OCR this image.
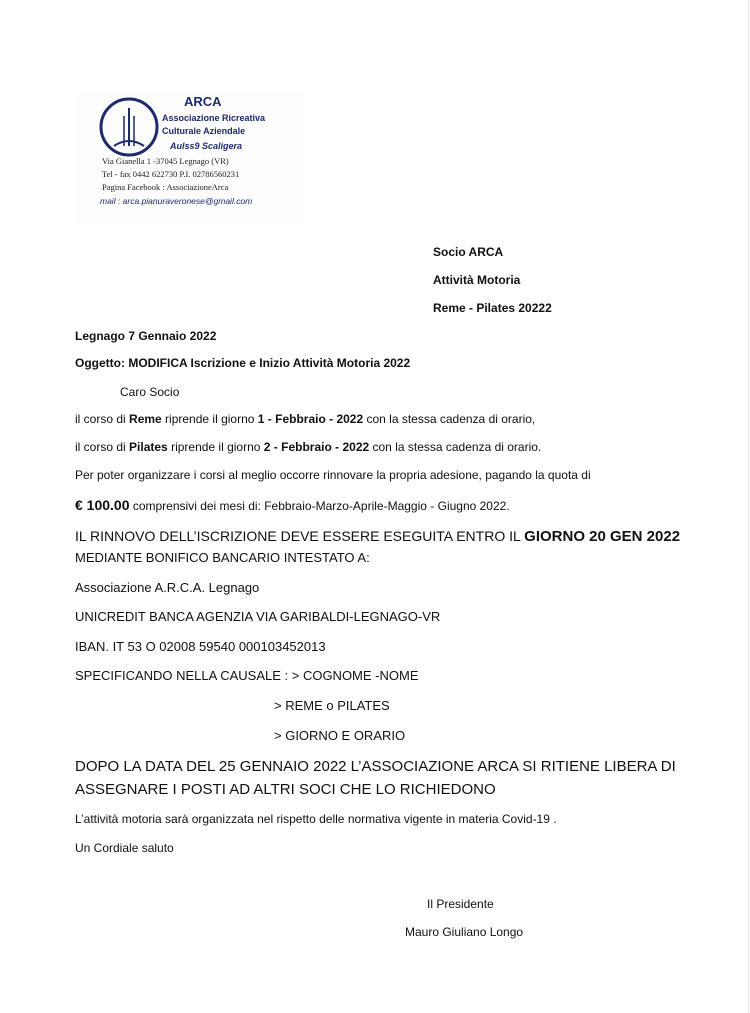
ARCA
Associazione Ricreativa
Culturale Aziendale
Aulss9 Scaligera
Via Gianella 1 -37045 Legnago (VR)
Tel - fax 0442 622730 P.I. 02786560231
Pagina Facebook : AssociazioneArca
mail : arca.pianuraveronese@gmail.com
Socio ARCA
Attività Motoria
Reme - Pilates 20222
Legnago 7 Gennaio 2022
Oggetto: MODIFICA Iscrizione e Inizio Attività Motoria 2022
Caro Socio
il corso di Reme riprende il giorno 1 - Febbraio - 2022 con la stessa cadenza di orario,
il corso di Pilates riprende il giorno 2 - Febbraio - 2022 con la stessa cadenza di orario.
Per poter organizzare i corsi al meglio occorre rinnovare la propria adesione, pagando la quota di
€ 100.00 comprensivi dei mesi di: Febbraio-Marzo-Aprile-Maggio - Giugno 2022.
IL RINNOVO DELL’ISCRIZIONE DEVE ESSERE ESEGUITA ENTRO IL GIORNO 20 GEN 2022
MEDIANTE BONIFICO BANCARIO INTESTATO A:
Associazione A.R.C.A. Legnago
UNICREDIT BANCA AGENZIA VIA GARIBALDI-LEGNAGO-VR
IBAN. IT 53 O 02008 59540 000103452013
SPECIFICANDO NELLA CAUSALE : > COGNOME -NOME
> REME o PILATES
> GIORNO E ORARIO
DOPO LA DATA DEL 25 GENNAIO 2022 L’ASSOCIAZIONE ARCA SI RITIENE LIBERA DI
ASSEGNARE I POSTI AD ALTRI SOCI CHE LO RICHIEDONO
L’attività motoria sarà organizzata nel rispetto delle normativa vigente in materia Covid-19 .
Un Cordiale saluto
Il Presidente
Mauro Giuliano Longo
